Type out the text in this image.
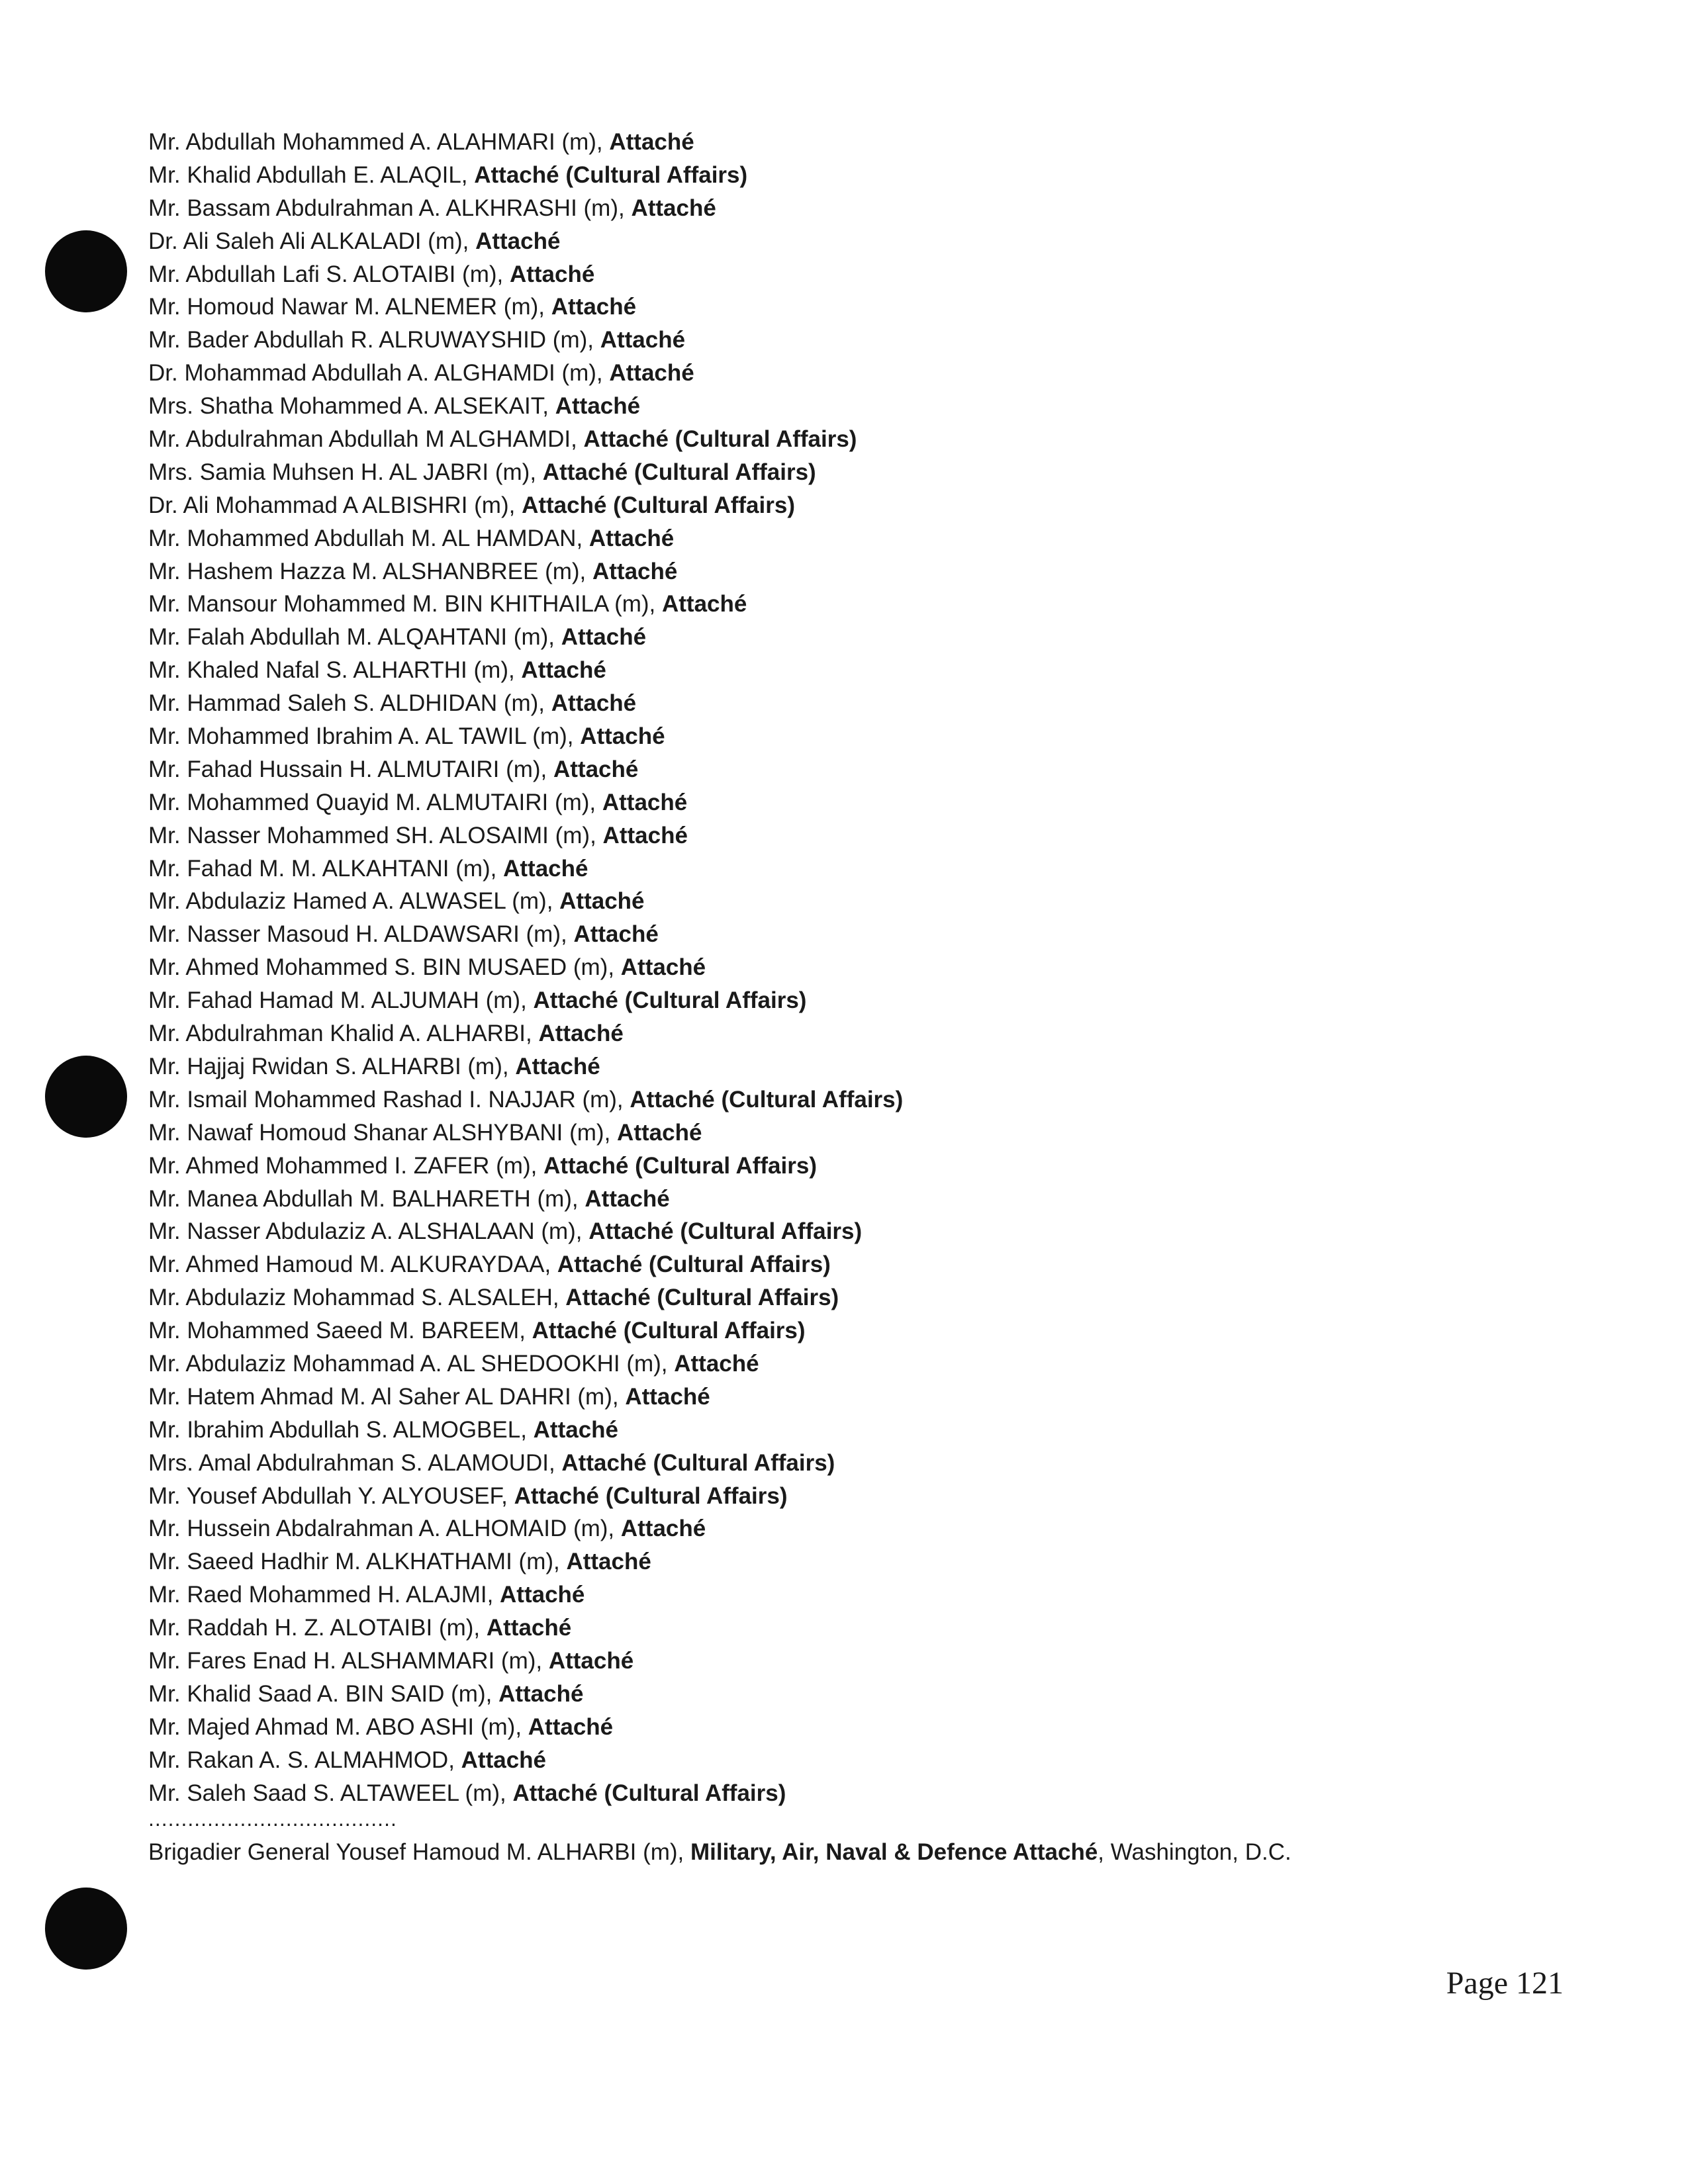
Mr. Abdullah Mohammed A. ALAHMARI (m), Attaché
Mr. Khalid Abdullah E. ALAQIL, Attaché (Cultural Affairs)
Mr. Bassam Abdulrahman A. ALKHRASHI (m), Attaché
Dr. Ali Saleh Ali ALKALADI (m), Attaché
Mr. Abdullah Lafi S. ALOTAIBI (m), Attaché
Mr. Homoud Nawar M. ALNEMER (m), Attaché
Mr. Bader Abdullah R. ALRUWAYSHID (m), Attaché
Dr. Mohammad Abdullah A. ALGHAMDI (m), Attaché
Mrs. Shatha Mohammed A. ALSEKAIT, Attaché
Mr. Abdulrahman Abdullah M ALGHAMDI, Attaché (Cultural Affairs)
Mrs. Samia Muhsen H. AL JABRI (m), Attaché (Cultural Affairs)
Dr. Ali Mohammad A ALBISHRI (m), Attaché (Cultural Affairs)
Mr. Mohammed Abdullah M. AL HAMDAN, Attaché
Mr. Hashem Hazza M. ALSHANBREE (m), Attaché
Mr. Mansour Mohammed M. BIN KHITHAILA (m), Attaché
Mr. Falah Abdullah M. ALQAHTANI (m), Attaché
Mr. Khaled Nafal S. ALHARTHI (m), Attaché
Mr. Hammad Saleh S. ALDHIDAN (m), Attaché
Mr. Mohammed Ibrahim A. AL TAWIL (m), Attaché
Mr. Fahad Hussain H. ALMUTAIRI (m), Attaché
Mr. Mohammed Quayid M. ALMUTAIRI (m), Attaché
Mr. Nasser Mohammed SH. ALOSAIMI (m), Attaché
Mr. Fahad M. M. ALKAHTANI (m), Attaché
Mr. Abdulaziz Hamed A. ALWASEL (m), Attaché
Mr. Nasser Masoud H. ALDAWSARI (m), Attaché
Mr. Ahmed Mohammed S. BIN MUSAED (m), Attaché
Mr. Fahad Hamad M. ALJUMAH (m), Attaché (Cultural Affairs)
Mr. Abdulrahman Khalid A. ALHARBI, Attaché
Mr. Hajjaj Rwidan S. ALHARBI (m), Attaché
Mr. Ismail Mohammed Rashad I. NAJJAR (m), Attaché (Cultural Affairs)
Mr. Nawaf Homoud Shanar ALSHYBANI (m), Attaché
Mr. Ahmed Mohammed I. ZAFER (m), Attaché (Cultural Affairs)
Mr. Manea Abdullah M. BALHARETH (m), Attaché
Mr. Nasser Abdulaziz A. ALSHALAAN (m), Attaché (Cultural Affairs)
Mr. Ahmed Hamoud M. ALKURAYDAA, Attaché (Cultural Affairs)
Mr. Abdulaziz Mohammad S. ALSALEH, Attaché (Cultural Affairs)
Mr. Mohammed Saeed M. BAREEM, Attaché (Cultural Affairs)
Mr. Abdulaziz Mohammad A. AL SHEDOOKHI (m), Attaché
Mr. Hatem Ahmad M. Al Saher AL DAHRI (m), Attaché
Mr. Ibrahim Abdullah S. ALMOGBEL, Attaché
Mrs. Amal Abdulrahman S. ALAMOUDI, Attaché (Cultural Affairs)
Mr. Yousef Abdullah Y. ALYOUSEF, Attaché (Cultural Affairs)
Mr. Hussein Abdalrahman A. ALHOMAID (m), Attaché
Mr. Saeed Hadhir M. ALKHATHAMI (m), Attaché
Mr. Raed Mohammed H. ALAJMI, Attaché
Mr. Raddah H. Z. ALOTAIBI (m), Attaché
Mr. Fares Enad H. ALSHAMMARI (m), Attaché
Mr. Khalid Saad A. BIN SAID (m), Attaché
Mr. Majed Ahmad M. ABO ASHI (m), Attaché
Mr. Rakan A. S. ALMAHMOD, Attaché
Mr. Saleh Saad S. ALTAWEEL (m), Attaché (Cultural Affairs)
......................................
Brigadier General Yousef Hamoud M. ALHARBI (m), Military, Air, Naval & Defence Attaché, Washington, D.C.
Page 121
